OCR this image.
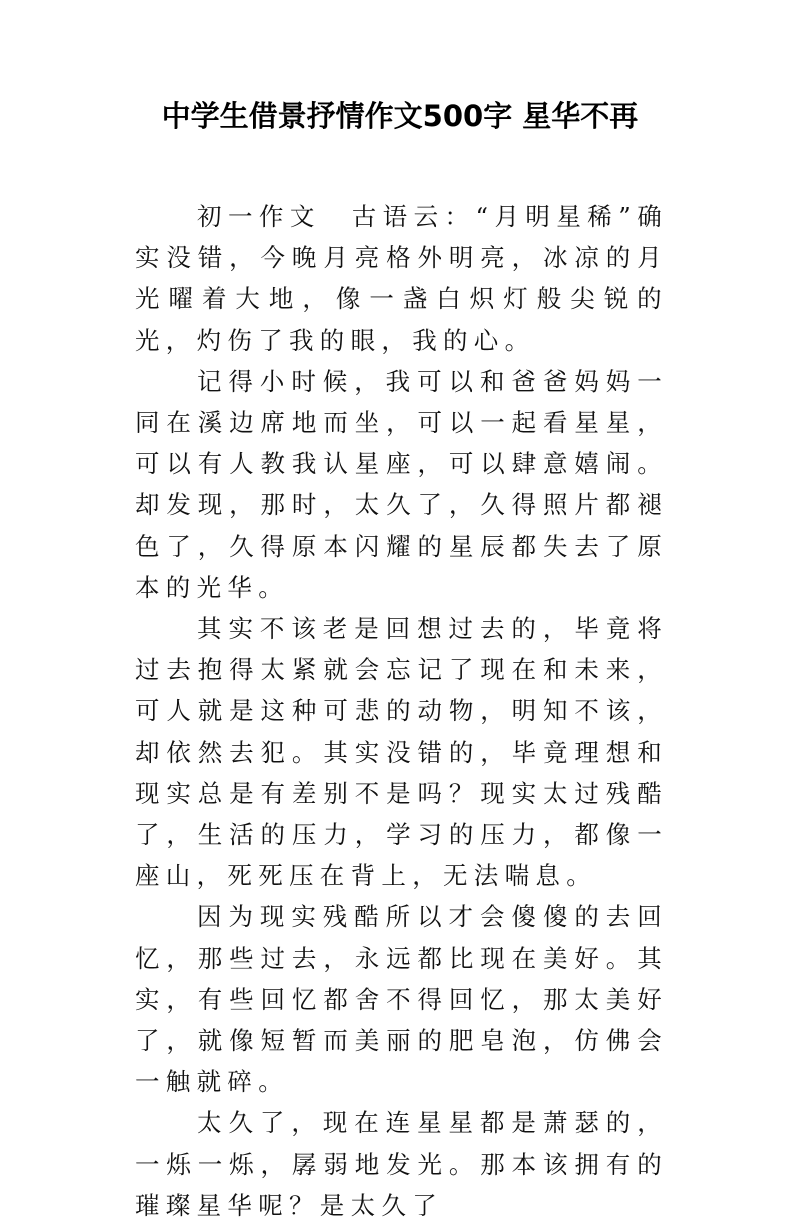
中学生借景抒情作文500字 星华不再

初一作文　古语云：“月明星稀”确实没错，今晚月亮格外明亮，冰凉的月光曜着大地，像一盏白炽灯般尖锐的光，灼伤了我的眼，我的心。

记得小时候，我可以和爸爸妈妈一同在溪边席地而坐，可以一起看星星，可以有人教我认星座，可以肆意嬉闹。却发现，那时，太久了，久得照片都褪色了，久得原本闪耀的星辰都失去了原本的光华。

其实不该老是回想过去的，毕竟将过去抱得太紧就会忘记了现在和未来，可人就是这种可悲的动物，明知不该，却依然去犯。其实没错的，毕竟理想和现实总是有差别不是吗？现实太过残酷了，生活的压力，学习的压力，都像一座山，死死压在背上，无法喘息。

因为现实残酷所以才会傻傻的去回忆，那些过去，永远都比现在美好。其实，有些回忆都舍不得回忆，那太美好了，就像短暂而美丽的肥皂泡，仿佛会一触就碎。

太久了，现在连星星都是萧瑟的，一烁一烁，孱弱地发光。那本该拥有的璀璨星华呢？是太久了
